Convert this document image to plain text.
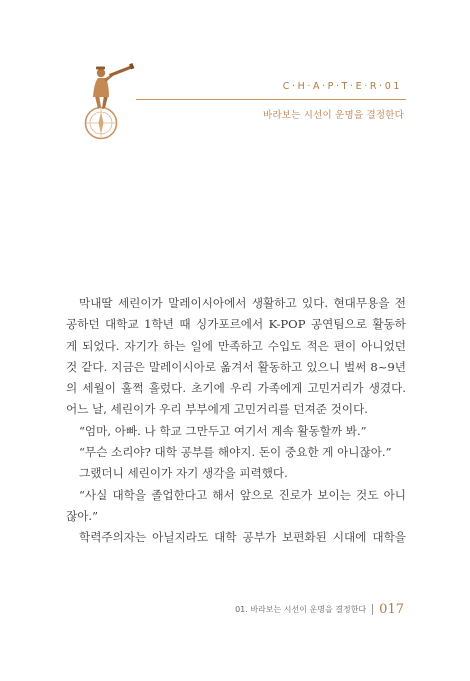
C·H·A·P·T·E·R·01
바라보는 시선이 운명을 결정한다
막내딸 세린이가 말레이시아에서 생활하고 있다. 현대무용을 전
공하던 대학교 1학년 때 싱가포르에서 K-POP 공연팀으로 활동하
게 되었다. 자기가 하는 일에 만족하고 수입도 적은 편이 아니었던
것 같다. 지금은 말레이시아로 옮겨서 활동하고 있으니 벌써 8~9년
의 세월이 훌쩍 흘렀다. 초기에 우리 가족에게 고민거리가 생겼다.
어느 날, 세린이가 우리 부부에게 고민거리를 던져준 것이다.
“엄마, 아빠. 나 학교 그만두고 여기서 계속 활동할까 봐.”
“무슨 소리야? 대학 공부를 해야지. 돈이 중요한 게 아니잖아.”
그랬더니 세린이가 자기 생각을 피력했다.
“사실 대학을 졸업한다고 해서 앞으로 진로가 보이는 것도 아니
잖아.”
학력주의자는 아닐지라도 대학 공부가 보편화된 시대에 대학을
01. 바라보는 시선이 운명을 결정한다 017
